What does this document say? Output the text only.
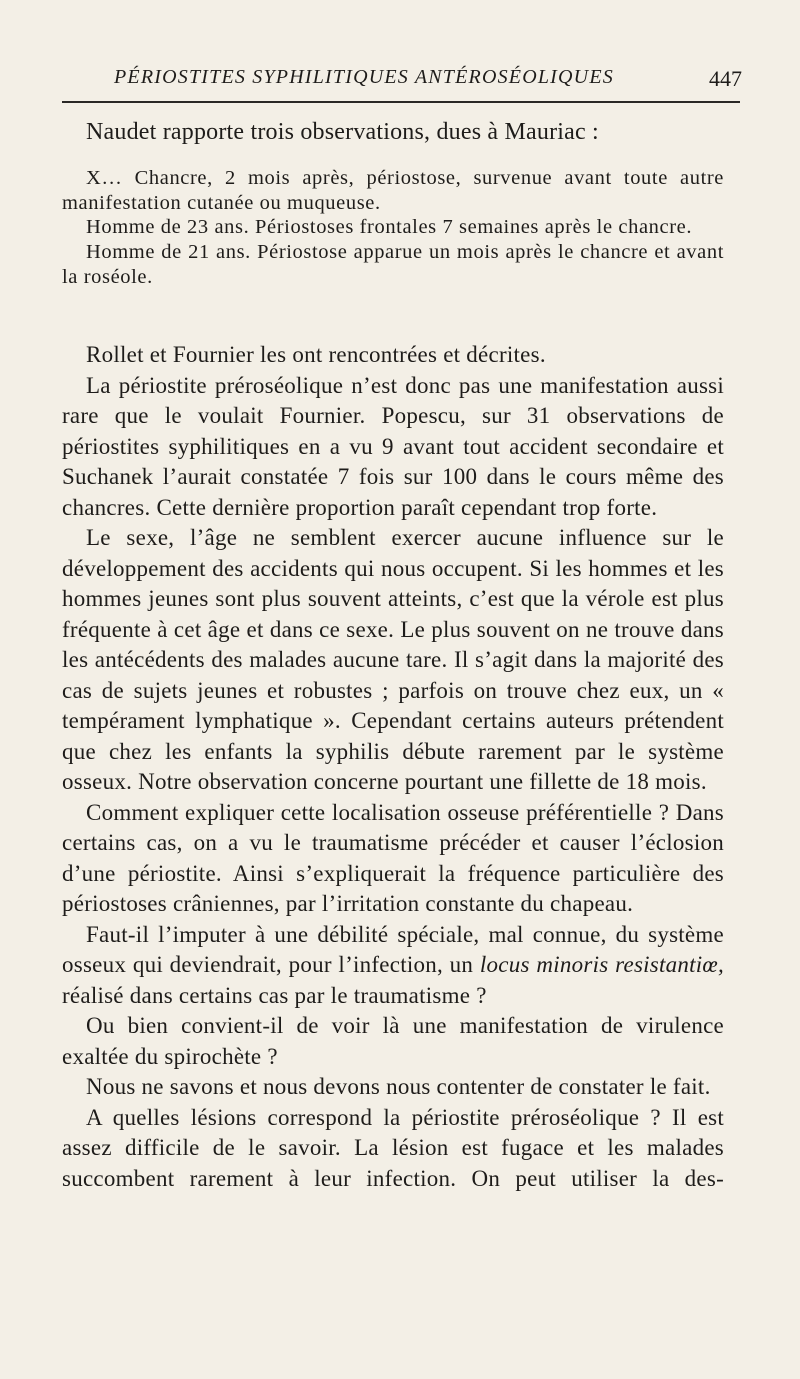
PÉRIOSTITES SYPHILITIQUES ANTÉROSÉOLIQUES	447
Naudet rapporte trois observations, dues à Mauriac :

X… Chancre, 2 mois après, périostose, survenue avant toute autre manifestation cutanée ou muqueuse.

Homme de 23 ans. Périostoses frontales 7 semaines après le chancre.

Homme de 21 ans. Périostose apparue un mois après le chancre et avant la roséole.

Rollet et Fournier les ont rencontrées et décrites.

La périostite préroséolique n’est donc pas une manifestation aussi rare que le voulait Fournier. Popescu, sur 31 observations de périostites syphilitiques en a vu 9 avant tout accident secondaire et Suchanek l’aurait constatée 7 fois sur 100 dans le cours même des chancres. Cette dernière proportion paraît cependant trop forte.

Le sexe, l’âge ne semblent exercer aucune influence sur le développement des accidents qui nous occupent. Si les hommes et les hommes jeunes sont plus souvent atteints, c’est que la vérole est plus fréquente à cet âge et dans ce sexe. Le plus souvent on ne trouve dans les antécédents des malades aucune tare. Il s’agit dans la majorité des cas de sujets jeunes et robustes ; parfois on trouve chez eux, un « tempérament lymphatique ». Cependant certains auteurs prétendent que chez les enfants la syphilis débute rarement par le système osseux. Notre observation concerne pourtant une fillette de 18 mois.

Comment expliquer cette localisation osseuse préférentielle ? Dans certains cas, on a vu le traumatisme précéder et causer l’éclosion d’une périostite. Ainsi s’expliquerait la fréquence particulière des périostoses crâniennes, par l’irritation constante du chapeau.

Faut-il l’imputer à une débilité spéciale, mal connue, du système osseux qui deviendrait, pour l’infection, un locus minoris resistantiœ, réalisé dans certains cas par le traumatisme ?

Ou bien convient-il de voir là une manifestation de virulence exaltée du spirochète ?

Nous ne savons et nous devons nous contenter de constater le fait.

A quelles lésions correspond la périostite préroséolique ? Il est assez difficile de le savoir. La lésion est fugace et les malades succombent rarement à leur infection. On peut utiliser la des-
